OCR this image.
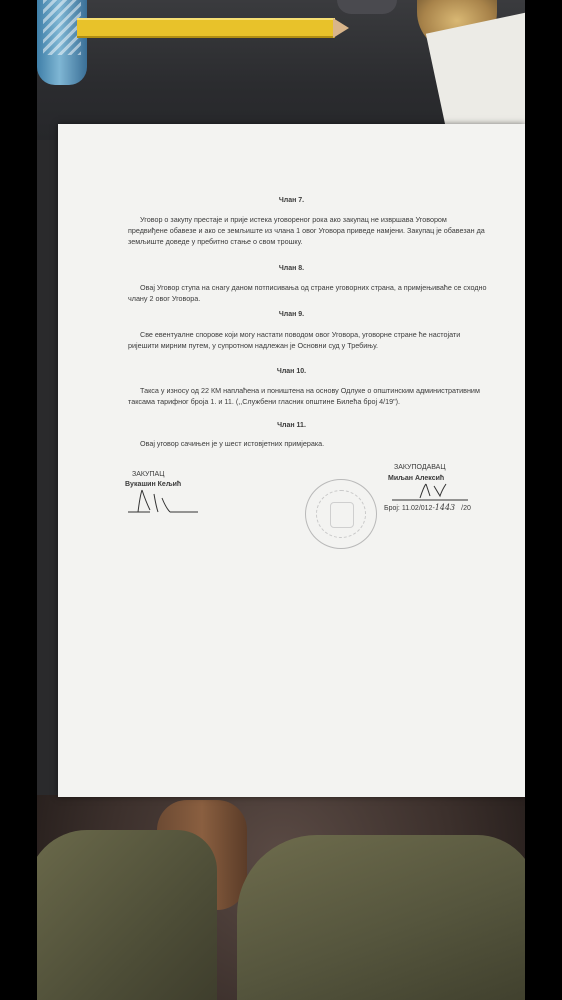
Члан 7.
Уговор о закупу престаје и прије истека уговореног рока ако закупац не извршава Уговором предвиђене обавезе и ако се земљиште из члана 1 овог Уговора приведе намјени. Закупац је обавезан да земљиште доведе у пребитно стање о свом трошку.
Члан 8.
Овај Уговор ступа на снагу даном потписивања од стране уговорних страна, а примјењиваће се сходно члану 2 овог Уговора.
Члан 9.
Све евентуалне спорове који могу настати поводом овог Уговора, уговорне стране ће настојати ријешити мирним путем, у супротном надлежан је Основни суд у Требињу.
Члан 10.
Такса у износу од 22 КМ наплаћена и поништена на основу Одлуке о општинским административним таксама тарифног броја 1. и 11. (,,Службени гласник општине Билећа број 4/19").
Члан 11.
Овај уговор сачињен је у шест истовјетних примјерака.
ЗАКУПАЦ
Вукашин Кељић
ЗАКУПОДАВАЦ
Миљан Алексић
Број: 11.02/012-1443 /20
